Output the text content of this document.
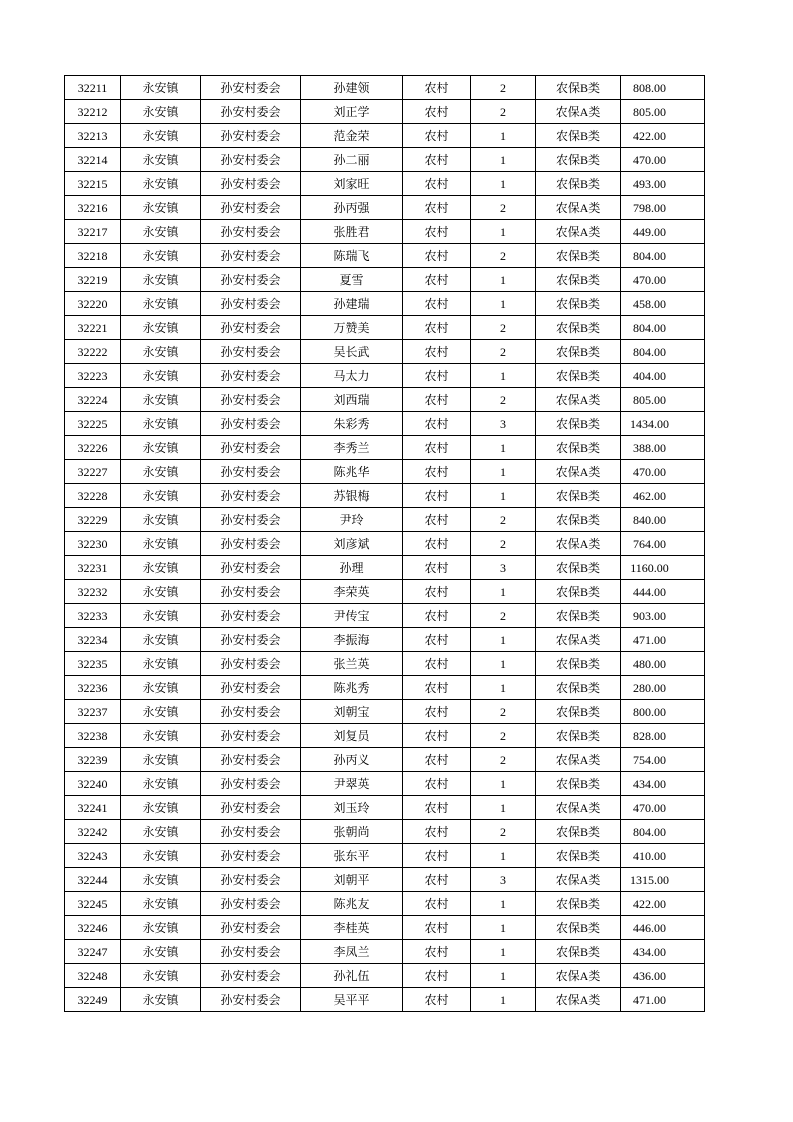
32211	永安镇	孙安村委会	孙建领	农村	2	农保B类	808.00
32212	永安镇	孙安村委会	刘正学	农村	2	农保A类	805.00
32213	永安镇	孙安村委会	范金荣	农村	1	农保B类	422.00
32214	永安镇	孙安村委会	孙二丽	农村	1	农保B类	470.00
32215	永安镇	孙安村委会	刘家旺	农村	1	农保B类	493.00
32216	永安镇	孙安村委会	孙丙强	农村	2	农保A类	798.00
32217	永安镇	孙安村委会	张胜君	农村	1	农保A类	449.00
32218	永安镇	孙安村委会	陈瑞飞	农村	2	农保B类	804.00
32219	永安镇	孙安村委会	夏雪	农村	1	农保B类	470.00
32220	永安镇	孙安村委会	孙建瑞	农村	1	农保B类	458.00
32221	永安镇	孙安村委会	万赞美	农村	2	农保B类	804.00
32222	永安镇	孙安村委会	吴长武	农村	2	农保B类	804.00
32223	永安镇	孙安村委会	马太力	农村	1	农保B类	404.00
32224	永安镇	孙安村委会	刘西瑞	农村	2	农保A类	805.00
32225	永安镇	孙安村委会	朱彩秀	农村	3	农保B类	1434.00
32226	永安镇	孙安村委会	李秀兰	农村	1	农保B类	388.00
32227	永安镇	孙安村委会	陈兆华	农村	1	农保A类	470.00
32228	永安镇	孙安村委会	苏银梅	农村	1	农保B类	462.00
32229	永安镇	孙安村委会	尹玲	农村	2	农保B类	840.00
32230	永安镇	孙安村委会	刘彦斌	农村	2	农保A类	764.00
32231	永安镇	孙安村委会	孙理	农村	3	农保B类	1160.00
32232	永安镇	孙安村委会	李荣英	农村	1	农保B类	444.00
32233	永安镇	孙安村委会	尹传宝	农村	2	农保B类	903.00
32234	永安镇	孙安村委会	李振海	农村	1	农保A类	471.00
32235	永安镇	孙安村委会	张兰英	农村	1	农保B类	480.00
32236	永安镇	孙安村委会	陈兆秀	农村	1	农保B类	280.00
32237	永安镇	孙安村委会	刘朝宝	农村	2	农保B类	800.00
32238	永安镇	孙安村委会	刘复员	农村	2	农保B类	828.00
32239	永安镇	孙安村委会	孙丙义	农村	2	农保A类	754.00
32240	永安镇	孙安村委会	尹翠英	农村	1	农保B类	434.00
32241	永安镇	孙安村委会	刘玉玲	农村	1	农保A类	470.00
32242	永安镇	孙安村委会	张朝尚	农村	2	农保B类	804.00
32243	永安镇	孙安村委会	张东平	农村	1	农保B类	410.00
32244	永安镇	孙安村委会	刘朝平	农村	3	农保A类	1315.00
32245	永安镇	孙安村委会	陈兆友	农村	1	农保B类	422.00
32246	永安镇	孙安村委会	李桂英	农村	1	农保B类	446.00
32247	永安镇	孙安村委会	李凤兰	农村	1	农保B类	434.00
32248	永安镇	孙安村委会	孙礼伍	农村	1	农保A类	436.00
32249	永安镇	孙安村委会	吴平平	农村	1	农保A类	471.00
